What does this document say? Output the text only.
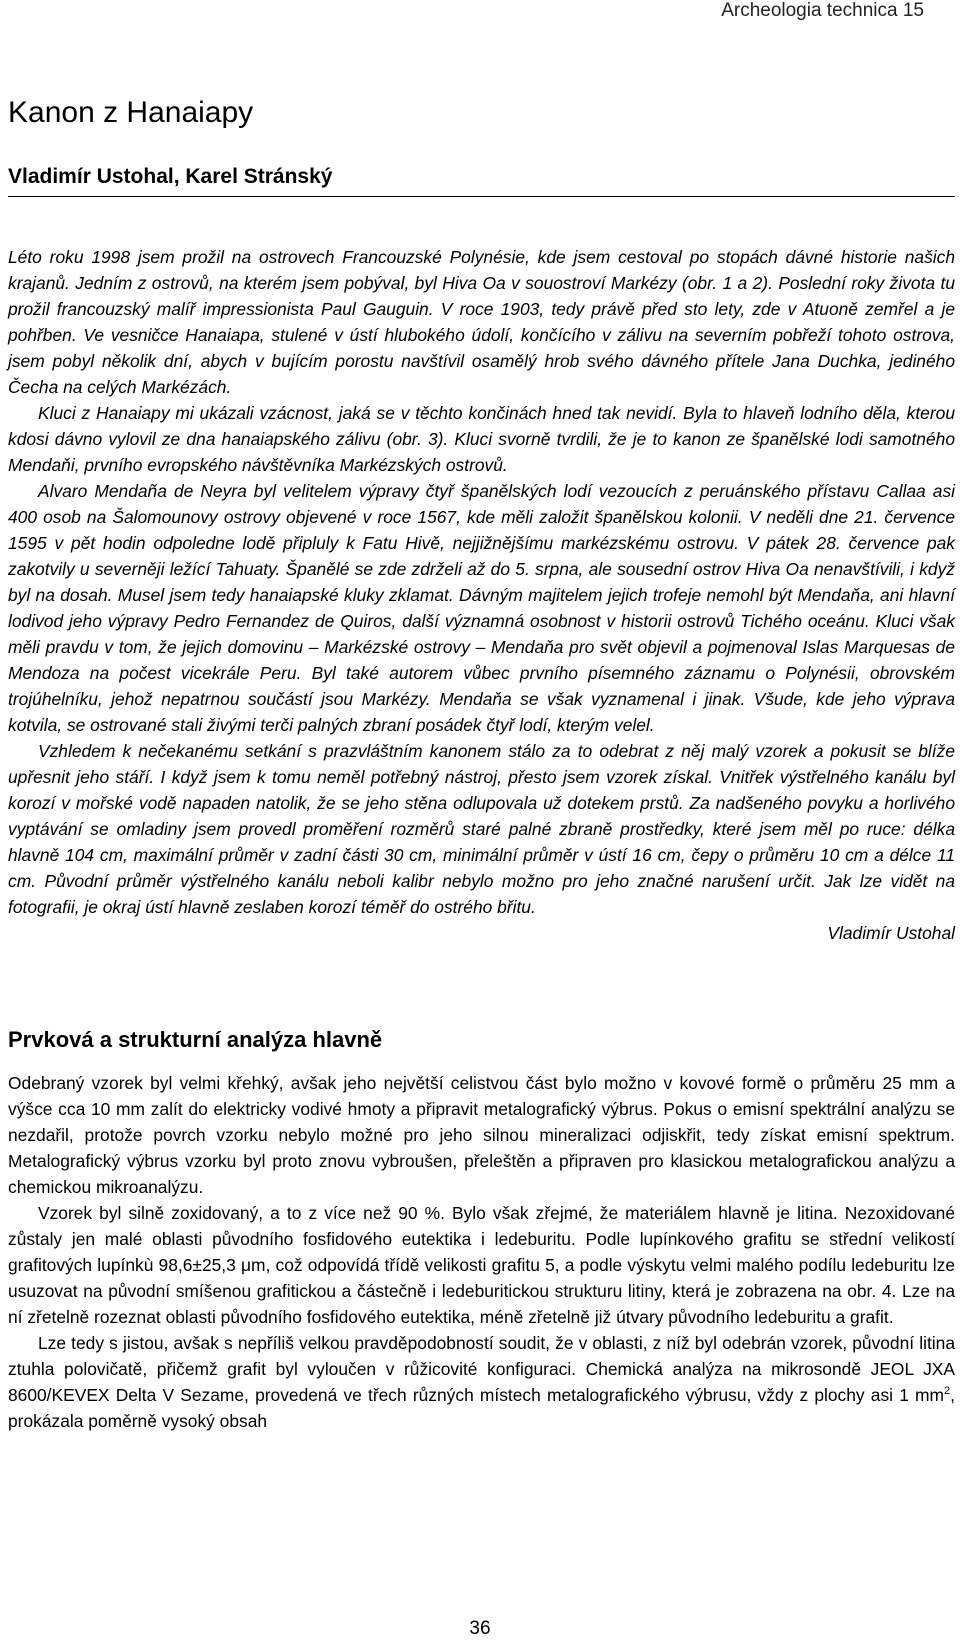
Archeologia technica 15
Kanon z Hanaiapy
Vladimír Ustohal, Karel Stránský

Léto roku 1998 jsem prožil na ostrovech Francouzské Polynésie, kde jsem cestoval po stopách dávné historie našich krajanů. Jedním z ostrovů, na kterém jsem pobýval, byl Hiva Oa v souostroví Markézy (obr. 1 a 2). Poslední roky života tu prožil francouzský malíř impressionista Paul Gauguin. V roce 1903, tedy právě před sto lety, zde v Atuoně zemřel a je pohřben. Ve vesničce Hanaiapa, stulené v ústí hlubokého údolí, končícího v zálivu na severním pobřeží tohoto ostrova, jsem pobyl několik dní, abych v bujícím porostu navštívil osamělý hrob svého dávného přítele Jana Duchka, jediného Čecha na celých Markézách.

Kluci z Hanaiapy mi ukázali vzácnost, jaká se v těchto končinách hned tak nevidí. Byla to hlaveň lodního děla, kterou kdosi dávno vylovil ze dna hanaiapského zálivu (obr. 3). Kluci svorně tvrdili, že je to kanon ze španělské lodi samotného Mendaňi, prvního evropského návštěvníka Markézských ostrovů.

Alvaro Mendaña de Neyra byl velitelem výpravy čtyř španělských lodí vezoucích z peruánského přístavu Callaa asi 400 osob na Šalomounovy ostrovy objevené v roce 1567, kde měli založit španělskou kolonii. V neděli dne 21. července 1595 v pět hodin odpoledne lodě připluly k Fatu Hivě, nejjižnějšímu markézskému ostrovu. V pátek 28. července pak zakotvily u severněji ležící Tahuaty. Španělé se zde zdrželi až do 5. srpna, ale sousední ostrov Hiva Oa nenavštívili, i když byl na dosah. Musel jsem tedy hanaiapské kluky zklamat. Dávným majitelem jejich trofeje nemohl být Mendaňa, ani hlavní lodivod jeho výpravy Pedro Fernandez de Quiros, další významná osobnost v historii ostrovů Tichého oceánu. Kluci však měli pravdu v tom, že jejich domovinu – Markézské ostrovy – Mendaňa pro svět objevil a pojmenoval Islas Marquesas de Mendoza na počest vicekrále Peru. Byl také autorem vůbec prvního písemného záznamu o Polynésii, obrovském trojúhelníku, jehož nepatrnou součástí jsou Markézy. Mendaňa se však vyznamenal i jinak. Všude, kde jeho výprava kotvila, se ostrované stali živými terči palných zbraní posádek čtyř lodí, kterým velel.

Vzhledem k nečekanému setkání s prazvláštním kanonem stálo za to odebrat z něj malý vzorek a pokusit se blíže upřesnit jeho stáří. I když jsem k tomu neměl potřebný nástroj, přesto jsem vzorek získal. Vnitřek výstřelného kanálu byl korozí v mořské vodě napaden natolik, že se jeho stěna odlupovala už dotekem prstů. Za nadšeného povyku a horlivého vyptávání se omladiny jsem provedl proměření rozměrů staré palné zbraně prostředky, které jsem měl po ruce: délka hlavně 104 cm, maximální průměr v zadní části 30 cm, minimální průměr v ústí 16 cm, čepy o průměru 10 cm a délce 11 cm. Původní průměr výstřelného kanálu neboli kalibr nebylo možno pro jeho značné narušení určit. Jak lze vidět na fotografii, je okraj ústí hlavně zeslaben korozí téměř do ostrého břitu.

Vladimír Ustohal

Prvková a strukturní analýza hlavně

Odebraný vzorek byl velmi křehký, avšak jeho největší celistvou část bylo možno v kovové formě o průměru 25 mm a výšce cca 10 mm zalít do elektricky vodivé hmoty a připravit metalografický výbrus. Pokus o emisní spektrální analýzu se nezdařil, protože povrch vzorku nebylo možné pro jeho silnou mineralizaci odjiskřit, tedy získat emisní spektrum. Metalografický výbrus vzorku byl proto znovu vybroušen, přeleštěn a připraven pro klasickou metalografickou analýzu a chemickou mikroanalýzu.

Vzorek byl silně zoxidovaný, a to z více než 90 %. Bylo však zřejmé, že materiálem hlavně je litina. Nezoxidované zůstaly jen malé oblasti původního fosfidového eutektika i ledeburitu. Podle lupínkového grafitu se střední velikostí grafitových lupínkù 98,6±25,3 μm, což odpovídá třídě velikosti grafitu 5, a podle výskytu velmi malého podílu ledeburitu lze usuzovat na původní smíšenou grafitickou a částečně i ledeburitickou strukturu litiny, která je zobrazena na obr. 4. Lze na ní zřetelně rozeznat oblasti původního fosfidového eutektika, méně zřetelně již útvary původního ledeburitu a grafit.

Lze tedy s jistou, avšak s nepříliš velkou pravděpodobností soudit, že v oblasti, z níž byl odebrán vzorek, původní litina ztuhla polovičatě, přičemž grafit byl vyloučen v růžicovité konfiguraci. Chemická analýza na mikrosondě JEOL JXA 8600/KEVEX Delta V Sezame, provedená ve třech různých místech metalografického výbrusu, vždy z plochy asi 1 $mm^2$, prokázala poměrně vysoký obsah

36
